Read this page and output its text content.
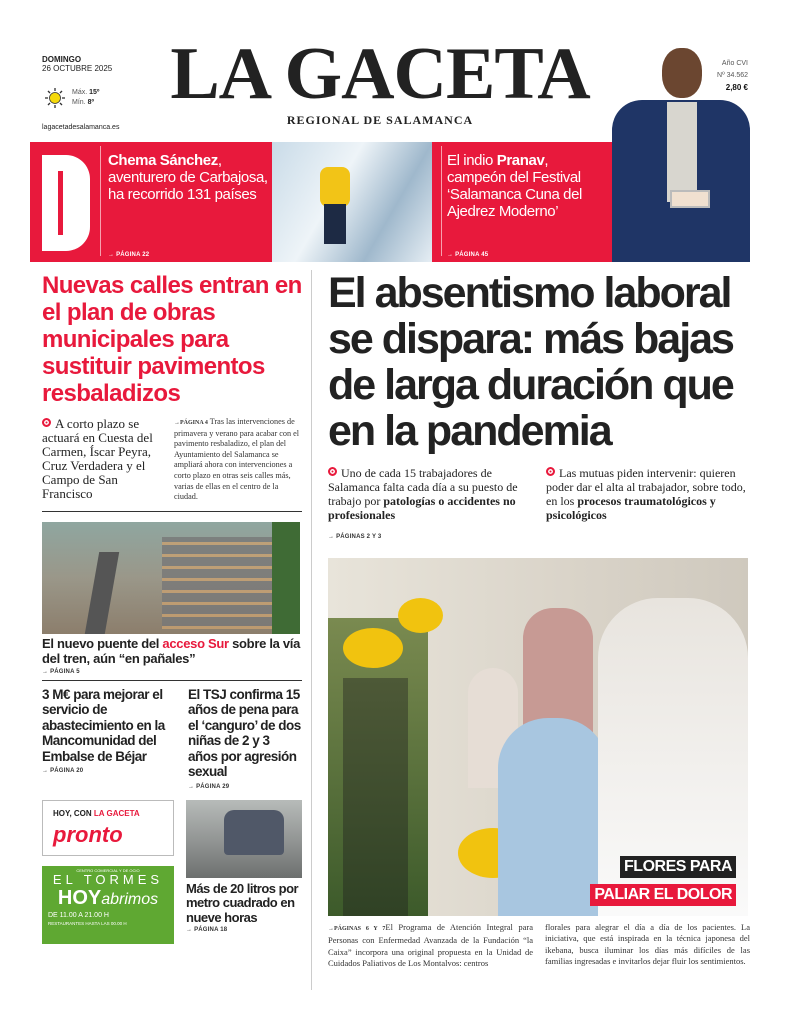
DOMINGO
26 OCTUBRE 2025
Máx. 15º
Mín. 8º
lagacetadesalamanca.es
LA GACETA
REGIONAL DE SALAMANCA
Año CVI
Nº 34.562
2,80 €
Chema Sánchez, aventurero de Carbajosa, ha recorrido 131 países
→ PÁGINA 22
El indio Pranav, campeón del Festival ‘Salamanca Cuna del Ajedrez Moderno’
→ PÁGINA 45
Nuevas calles entran en el plan de obras municipales para sustituir pavimentos resbaladizos
A corto plazo se actuará en Cuesta del Carmen, Íscar Peyra, Cruz Verdadera y el Campo de San Francisco
→PÁGINA 4 Tras las intervenciones de primavera y verano para acabar con el pavimento resbaladizo, el plan del Ayuntamiento del Salamanca se ampliará ahora con intervenciones a corto plazo en otras seis calles más, varias de ellas en el centro de la ciudad.
El nuevo puente del acceso Sur sobre la vía del tren, aún “en pañales”
→ PÁGINA 5
3 M€ para mejorar el servicio de abastecimiento en la Mancomunidad del Embalse de Béjar
→ PÁGINA 20
El TSJ confirma 15 años de pena para el ‘canguro’ de dos niñas de 2 y 3 años por agresión sexual
→ PÁGINA 29
HOY, CON LA GACETA
pronto
CENTRO COMERCIAL Y DE OCIO
EL TORMES
HOYabrimos
DE 11.00 A 21.00 H
RESTAURANTES HASTA LAS 00.00 H
Más de 20 litros por metro cuadrado en nueve horas
→ PÁGINA 18
El absentismo laboral se dispara: más bajas de larga duración que en la pandemia
Uno de cada 15 trabajadores de Salamanca falta cada día a su puesto de trabajo por patologías o accidentes no profesionales
Las mutuas piden intervenir: quieren poder dar el alta al trabajador, sobre todo, en los procesos traumatológicos y psicológicos
→ PÁGINAS 2 Y 3
FLORES PARA
PALIAR EL DOLOR
→PÁGINAS 6 Y 7El Programa de Atención Integral para Personas con Enfermedad Avanzada de la Fundación “la Caixa” incorpora una original propuesta en la Unidad de Cuidados Paliativos de Los Montalvos: centros
florales para alegrar el día a día de los pacientes. La iniciativa, que está inspirada en la técnica japonesa del ikebana, busca iluminar los días más difíciles de las familias ingresadas e invitarlos dejar fluir los sentimientos.
